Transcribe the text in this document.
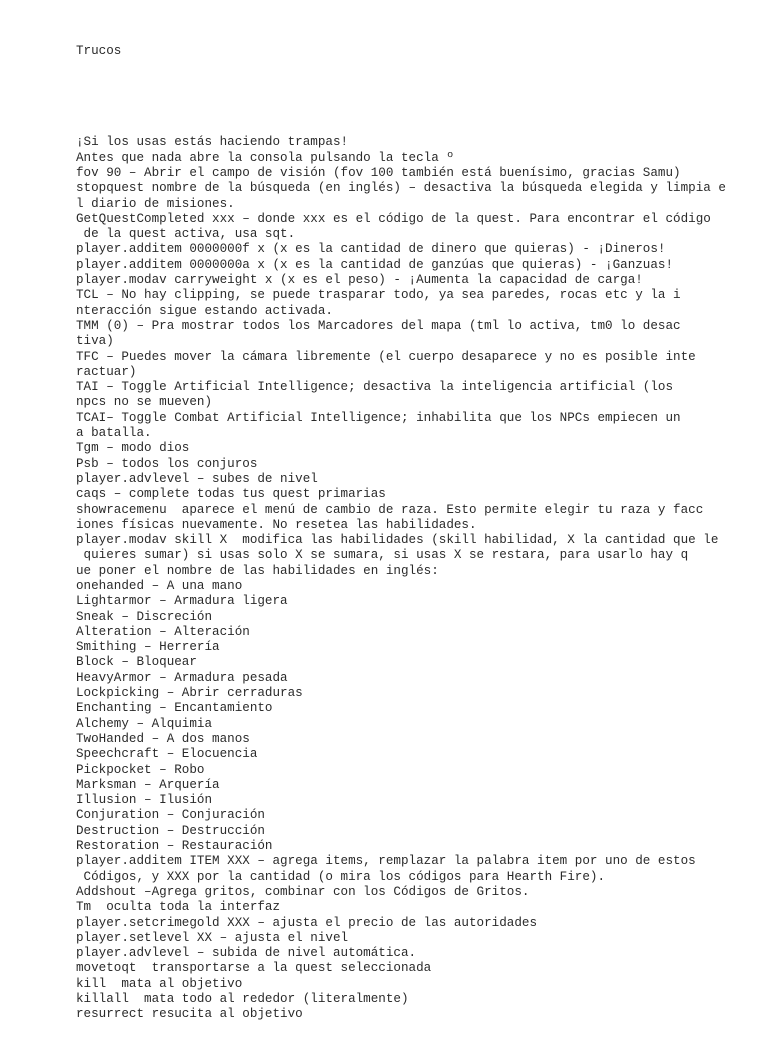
Trucos

¡Si los usas estás haciendo trampas!
Antes que nada abre la consola pulsando la tecla º
fov 90 – Abrir el campo de visión (fov 100 también está buenísimo, gracias Samu)
stopquest nombre de la búsqueda (en inglés) – desactiva la búsqueda elegida y limpia e
l diario de misiones.
GetQuestCompleted xxx – donde xxx es el código de la quest. Para encontrar el código
de la quest activa, usa sqt.
player.additem 0000000f x (x es la cantidad de dinero que quieras) - ¡Dineros!
player.additem 0000000a x (x es la cantidad de ganzúas que quieras) - ¡Ganzuas!
player.modav carryweight x (x es el peso) - ¡Aumenta la capacidad de carga!
TCL – No hay clipping, se puede trasparar todo, ya sea paredes, rocas etc y la i
nteracción sigue estando activada.
TMM (0) – Pra mostrar todos los Marcadores del mapa (tml lo activa, tm0 lo desac
tiva)
TFC – Puedes mover la cámara libremente (el cuerpo desaparece y no es posible inte
ractuar)
TAI – Toggle Artificial Intelligence; desactiva la inteligencia artificial (los
npcs no se mueven)
TCAI– Toggle Combat Artificial Intelligence; inhabilita que los NPCs empiecen un
a batalla.
Tgm – modo dios
Psb – todos los conjuros
player.advlevel – subes de nivel
caqs – complete todas tus quest primarias
showracemenu  aparece el menú de cambio de raza. Esto permite elegir tu raza y facc
iones físicas nuevamente. No resetea las habilidades.
player.modav skill X  modifica las habilidades (skill habilidad, X la cantidad que le
quieres sumar) si usas solo X se sumara, si usas X se restara, para usarlo hay q
ue poner el nombre de las habilidades en inglés:
onehanded – A una mano
Lightarmor – Armadura ligera
Sneak – Discreción
Alteration – Alteración
Smithing – Herrería
Block – Bloquear
HeavyArmor – Armadura pesada
Lockpicking – Abrir cerraduras
Enchanting – Encantamiento
Alchemy – Alquimia
TwoHanded – A dos manos
Speechcraft – Elocuencia
Pickpocket – Robo
Marksman – Arquería
Illusion – Ilusión
Conjuration – Conjuración
Destruction – Destrucción
Restoration – Restauración
player.additem ITEM XXX – agrega items, remplazar la palabra item por uno de estos
Códigos, y XXX por la cantidad (o mira los códigos para Hearth Fire).
Addshout –Agrega gritos, combinar con los Códigos de Gritos.
Tm  oculta toda la interfaz
player.setcrimegold XXX – ajusta el precio de las autoridades
player.setlevel XX – ajusta el nivel
player.advlevel – subida de nivel automática.
movetoqt  transportarse a la quest seleccionada
kill  mata al objetivo
killall  mata todo al rededor (literalmente)
resurrect resucita al objetivo
